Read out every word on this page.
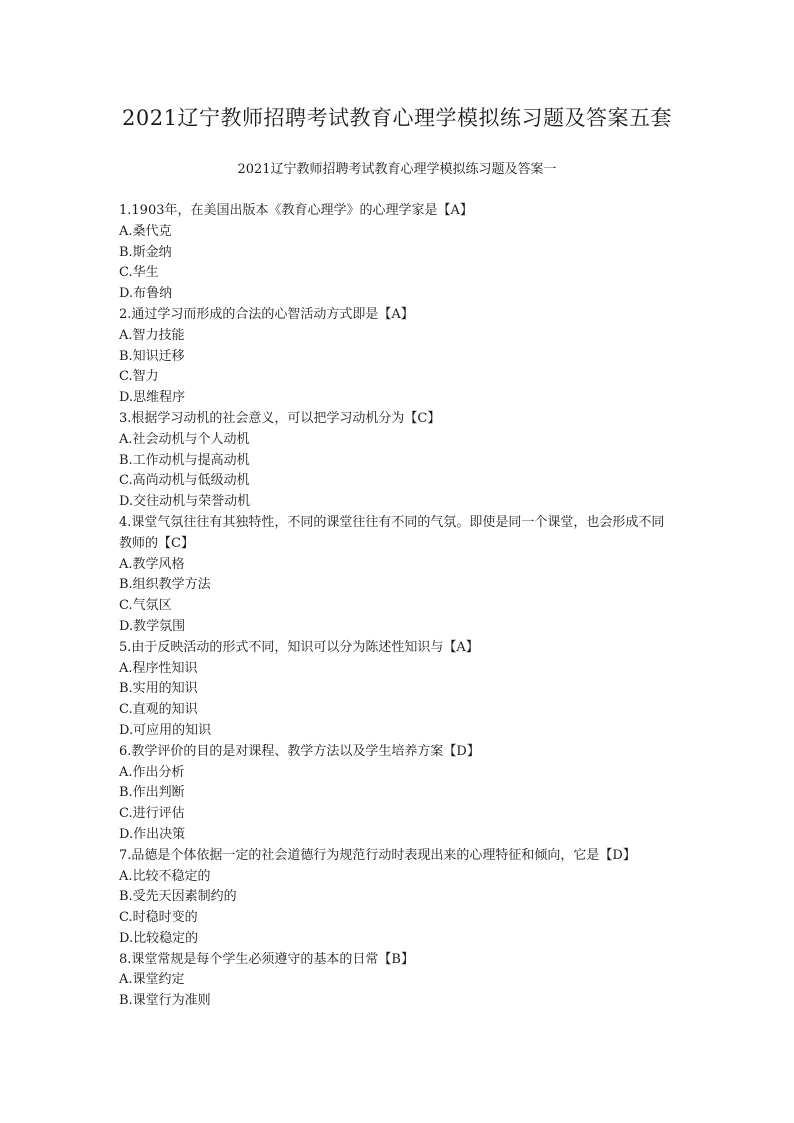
2021辽宁教师招聘考试教育心理学模拟练习题及答案五套
2021辽宁教师招聘考试教育心理学模拟练习题及答案一

1.1903年，在美国出版本《教育心理学》的心理学家是【A】

A.桑代克

B.斯金纳

C.华生

D.布鲁纳

2.通过学习而形成的合法的心智活动方式即是【A】

A.智力技能

B.知识迁移

C.智力

D.思维程序

3.根据学习动机的社会意义，可以把学习动机分为【C】

A.社会动机与个人动机

B.工作动机与提高动机

C.高尚动机与低级动机

D.交往动机与荣誉动机

4.课堂气氛往往有其独特性，不同的课堂往往有不同的气氛。即使是同一个课堂，也会形成不同教师的【C】

A.教学风格

B.组织教学方法

C.气氛区

D.教学氛围

5.由于反映活动的形式不同，知识可以分为陈述性知识与【A】

A.程序性知识

B.实用的知识

C.直观的知识

D.可应用的知识

6.教学评价的目的是对课程、教学方法以及学生培养方案【D】

A.作出分析

B.作出判断

C.进行评估

D.作出决策

7.品德是个体依据一定的社会道德行为规范行动时表现出来的心理特征和倾向，它是【D】

A.比较不稳定的

B.受先天因素制约的

C.时稳时变的

D.比较稳定的

8.课堂常规是每个学生必须遵守的基本的日常【B】

A.课堂约定

B.课堂行为准则
